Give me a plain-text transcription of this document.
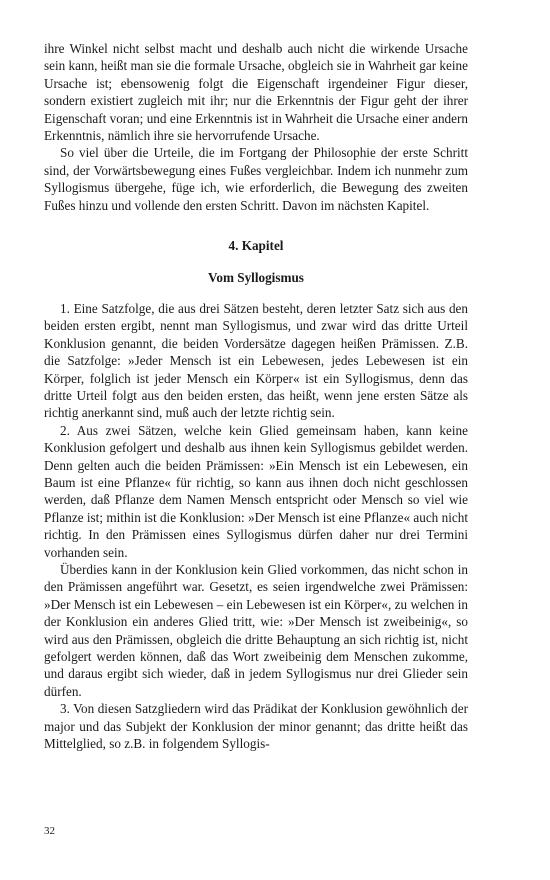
ihre Winkel nicht selbst macht und deshalb auch nicht die wirkende Ursache sein kann, heißt man sie die formale Ursache, obgleich sie in Wahrheit gar keine Ursache ist; ebensowenig folgt die Eigenschaft irgendeiner Figur dieser, sondern existiert zugleich mit ihr; nur die Erkenntnis der Figur geht der ihrer Eigenschaft voran; und eine Erkenntnis ist in Wahrheit die Ursache einer andern Erkenntnis, nämlich ihre sie hervorrufende Ursache.

So viel über die Urteile, die im Fortgang der Philosophie der erste Schritt sind, der Vorwärtsbewegung eines Fußes vergleichbar. Indem ich nunmehr zum Syllogismus übergehe, füge ich, wie erforderlich, die Bewegung des zweiten Fußes hinzu und vollende den ersten Schritt. Davon im nächsten Kapitel.

4. Kapitel
Vom Syllogismus

1. Eine Satzfolge, die aus drei Sätzen besteht, deren letzter Satz sich aus den beiden ersten ergibt, nennt man Syllogismus, und zwar wird das dritte Urteil Konklusion genannt, die beiden Vordersätze dagegen heißen Prämissen. Z.B. die Satzfolge: »Jeder Mensch ist ein Lebewesen, jedes Lebewesen ist ein Körper, folglich ist jeder Mensch ein Körper« ist ein Syllogismus, denn das dritte Urteil folgt aus den beiden ersten, das heißt, wenn jene ersten Sätze als richtig anerkannt sind, muß auch der letzte richtig sein.

2. Aus zwei Sätzen, welche kein Glied gemeinsam haben, kann keine Konklusion gefolgert und deshalb aus ihnen kein Syllogismus gebildet werden. Denn gelten auch die beiden Prämissen: »Ein Mensch ist ein Lebewesen, ein Baum ist eine Pflanze« für richtig, so kann aus ihnen doch nicht geschlossen werden, daß Pflanze dem Namen Mensch entspricht oder Mensch so viel wie Pflanze ist; mithin ist die Konklusion: »Der Mensch ist eine Pflanze« auch nicht richtig. In den Prämissen eines Syllogismus dürfen daher nur drei Termini vorhanden sein.

Überdies kann in der Konklusion kein Glied vorkommen, das nicht schon in den Prämissen angeführt war. Gesetzt, es seien irgendwelche zwei Prämissen: »Der Mensch ist ein Lebewesen – ein Lebewesen ist ein Körper«, zu welchen in der Konklusion ein anderes Glied tritt, wie: »Der Mensch ist zweibeinig«, so wird aus den Prämissen, obgleich die dritte Behauptung an sich richtig ist, nicht gefolgert werden können, daß das Wort zweibeinig dem Menschen zukomme, und daraus ergibt sich wieder, daß in jedem Syllogismus nur drei Glieder sein dürfen.

3. Von diesen Satzgliedern wird das Prädikat der Konklusion gewöhnlich der major und das Subjekt der Konklusion der minor genannt; das dritte heißt das Mittelglied, so z.B. in folgendem Syllogis-

32
